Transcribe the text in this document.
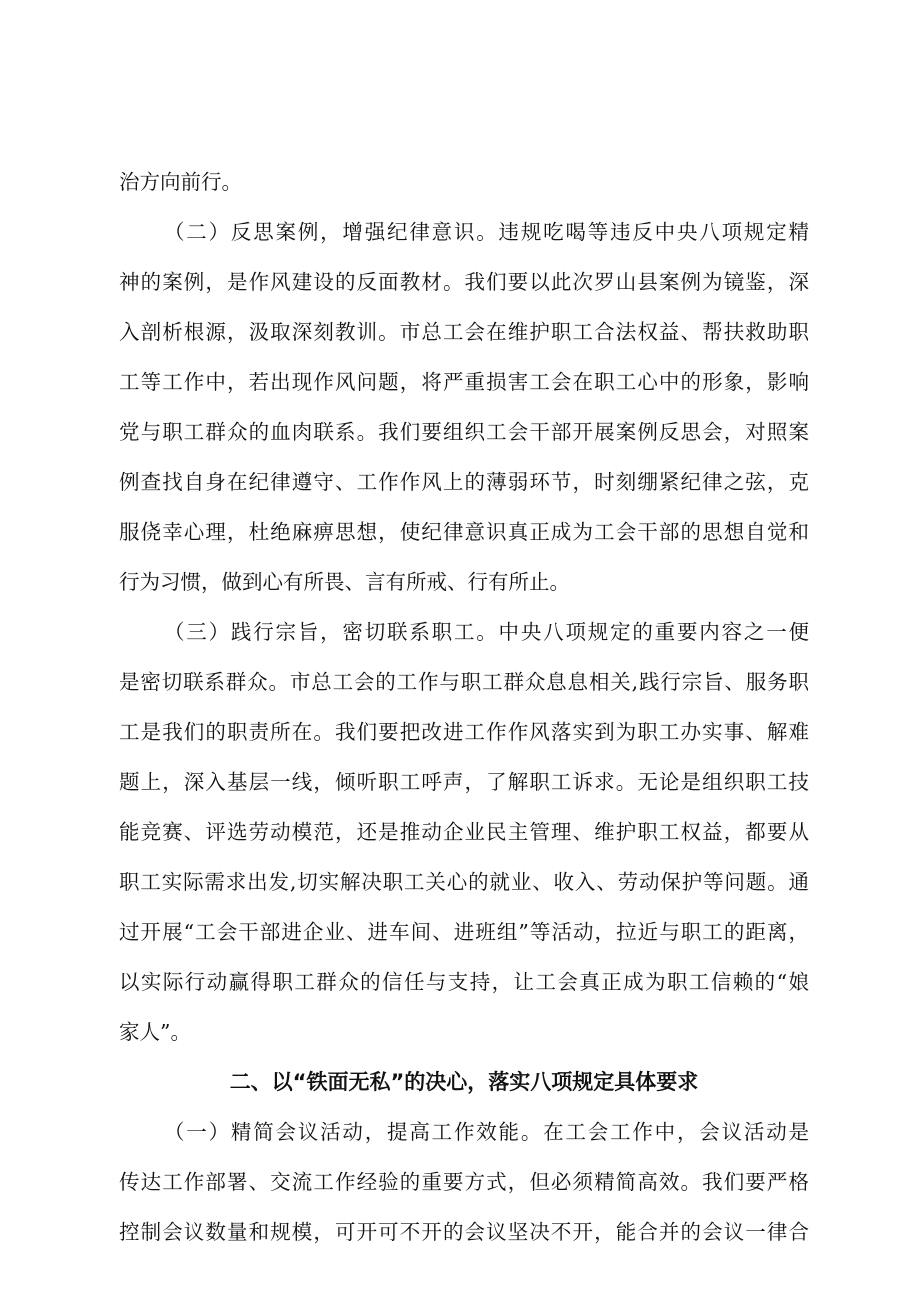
治方向前行。
（二）反思案例，增强纪律意识。违规吃喝等违反中央八项规定精
神的案例，是作风建设的反面教材。我们要以此次罗山县案例为镜鉴，深
入剖析根源，汲取深刻教训。市总工会在维护职工合法权益、帮扶救助职
工等工作中，若出现作风问题，将严重损害工会在职工心中的形象，影响
党与职工群众的血肉联系。我们要组织工会干部开展案例反思会，对照案
例查找自身在纪律遵守、工作作风上的薄弱环节，时刻绷紧纪律之弦，克
服侥幸心理，杜绝麻痹思想，使纪律意识真正成为工会干部的思想自觉和
行为习惯，做到心有所畏、言有所戒、行有所止。
（三）践行宗旨，密切联系职工。中央八项规定的重要内容之一便
是密切联系群众。市总工会的工作与职工群众息息相关,践行宗旨、服务职
工是我们的职责所在。我们要把改进工作作风落实到为职工办实事、解难
题上，深入基层一线，倾听职工呼声，了解职工诉求。无论是组织职工技
能竞赛、评选劳动模范，还是推动企业民主管理、维护职工权益，都要从
职工实际需求出发,切实解决职工关心的就业、收入、劳动保护等问题。通
过开展“工会干部进企业、进车间、进班组”等活动，拉近与职工的距离，
以实际行动赢得职工群众的信任与支持，让工会真正成为职工信赖的“娘
家人”。
二、以“铁面无私”的决心，落实八项规定具体要求
（一）精简会议活动，提高工作效能。在工会工作中，会议活动是
传达工作部署、交流工作经验的重要方式，但必须精简高效。我们要严格
控制会议数量和规模，可开可不开的会议坚决不开，能合并的会议一律合
